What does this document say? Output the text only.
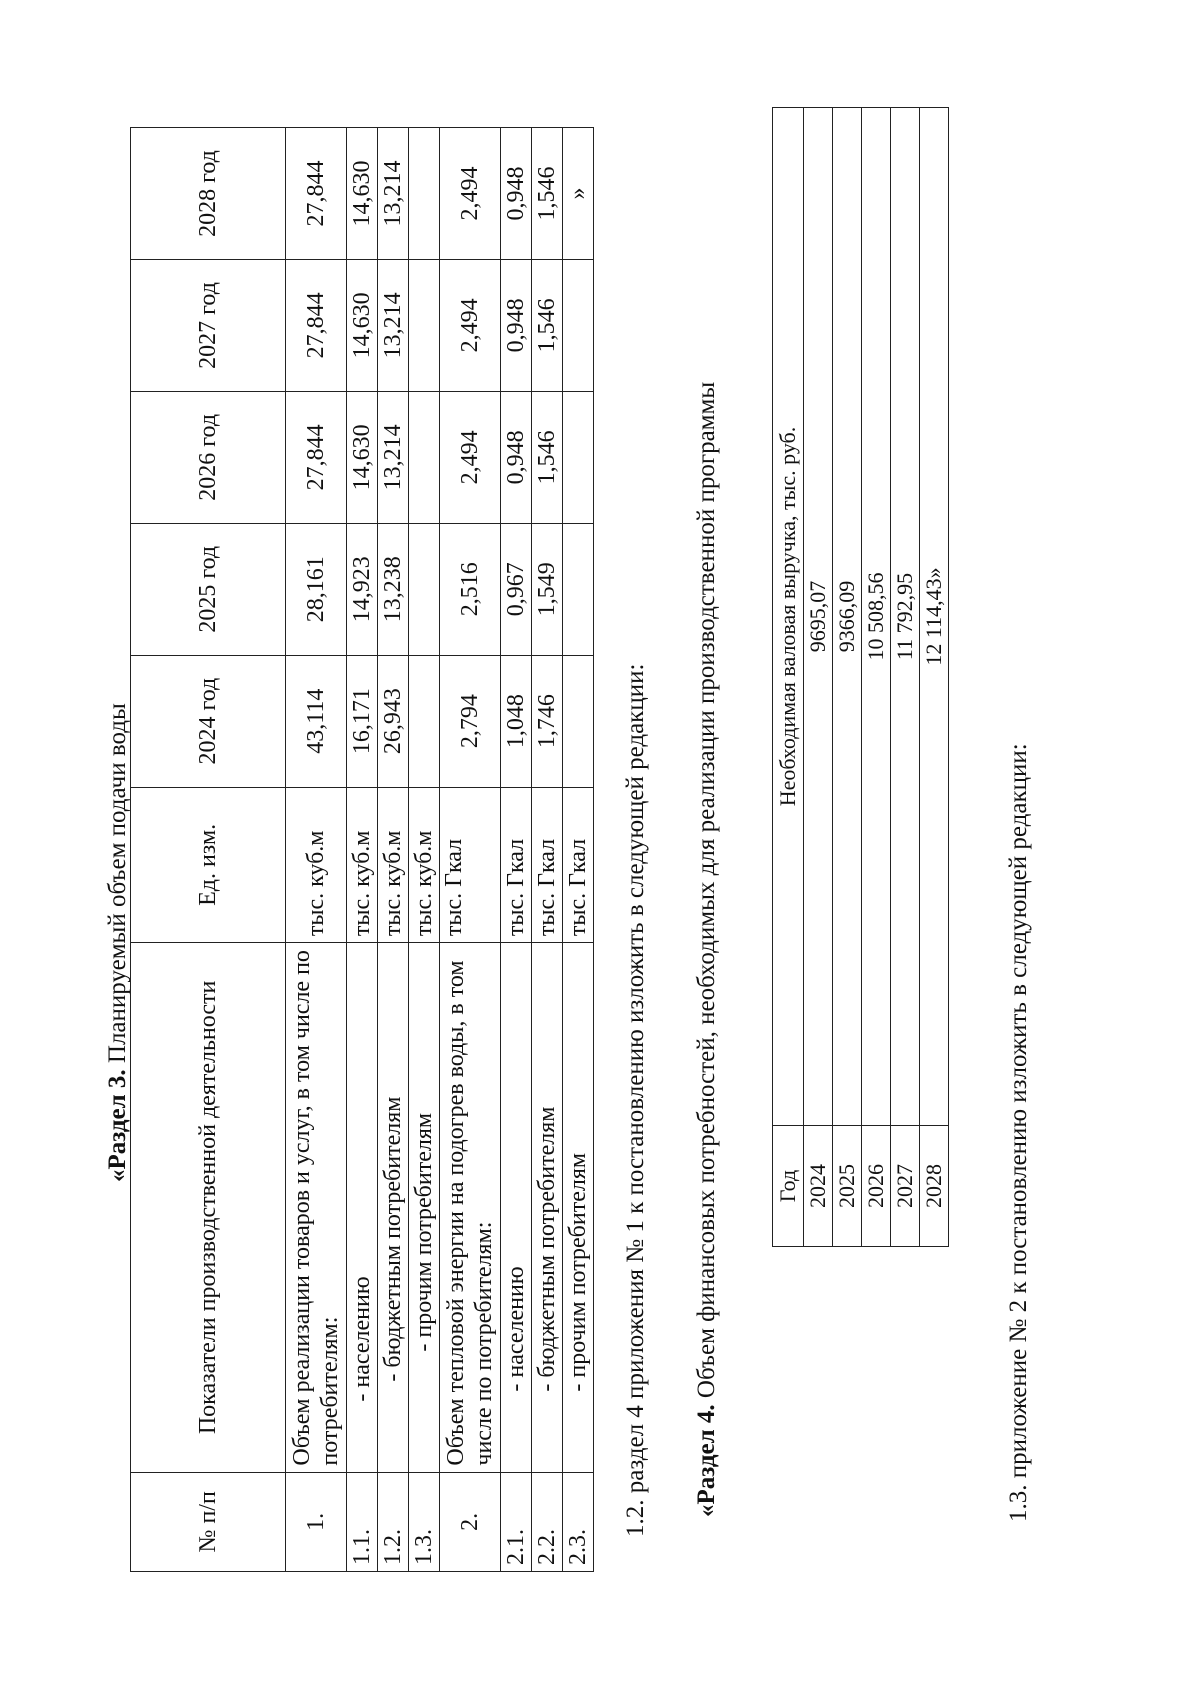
«Раздел 3. Планируемый объем подачи воды
№ п/п	Показатели производственной деятельности	Ед. изм.	2024 год	2025 год	2026 год	2027 год	2028 год
1.	Объем реализации товаров и услуг, в том числе по потребителям:	тыс. куб.м	43,114	28,161	27,844	27,844	27,844
1.1.	- населению	тыс. куб.м	16,171	14,923	14,630	14,630	14,630
1.2.	- бюджетным потребителям	тыс. куб.м	26,943	13,238	13,214	13,214	13,214
1.3.	- прочим потребителям	тыс. куб.м					
2.	Объем тепловой энергии на подогрев воды, в том числе по потребителям:	тыс. Гкал	2,794	2,516	2,494	2,494	2,494
2.1.	- населению	тыс. Гкал	1,048	0,967	0,948	0,948	0,948
2.2.	- бюджетным потребителям	тыс. Гкал	1,746	1,549	1,546	1,546	1,546
2.3.	- прочим потребителям	тыс. Гкал					»
1.2. раздел 4 приложения № 1 к постановлению изложить в следующей редакции: «Раздел 4. Объем финансовых потребностей, необходимых для реализации производственной программы	Год	Необходимая валовая выручка, тыс. руб.
2024	9695,07
2025	9366,09
2026	10 508,56
2027	11 792,95
2028	12 114,43»
1.3. приложение № 2 к постановлению изложить в следующей редакции:
